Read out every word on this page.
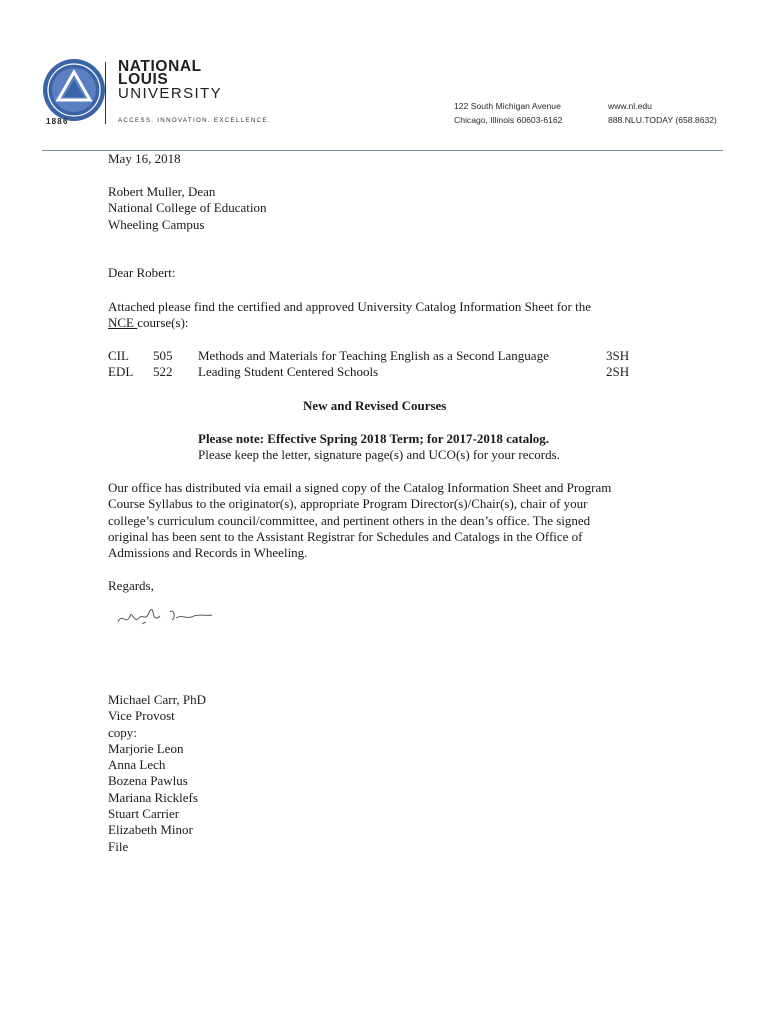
1886
NATIONAL
LOUIS
UNIVERSITY
ACCESS. INNOVATION. EXCELLENCE.
122 South Michigan Avenue
Chicago, Illinois 60603-6162
www.nl.edu
888.NLU.TODAY (658.8632)
May 16, 2018
Robert Muller, Dean
National College of Education
Wheeling Campus
Dear Robert:
Attached please find the certified and approved University Catalog Information Sheet for the
NCE course(s):
CIL 505 Methods and Materials for Teaching English as a Second Language	3SH
EDL 522 Leading Student Centered Schools	2SH
New and Revised Courses
Please note: Effective Spring 2018 Term; for 2017-2018 catalog.
Please keep the letter, signature page(s) and UCO(s) for your records.
Our office has distributed via email a signed copy of the Catalog Information Sheet and Program
Course Syllabus to the originator(s), appropriate Program Director(s)/Chair(s), chair of your
college’s curriculum council/committee, and pertinent others in the dean’s office. The signed
original has been sent to the Assistant Registrar for Schedules and Catalogs in the Office of
Admissions and Records in Wheeling.
Regards,
Michael Carr, PhD
Vice Provost
copy:
Marjorie Leon
Anna Lech
Bozena Pawlus
Mariana Ricklefs
Stuart Carrier
Elizabeth Minor
File
